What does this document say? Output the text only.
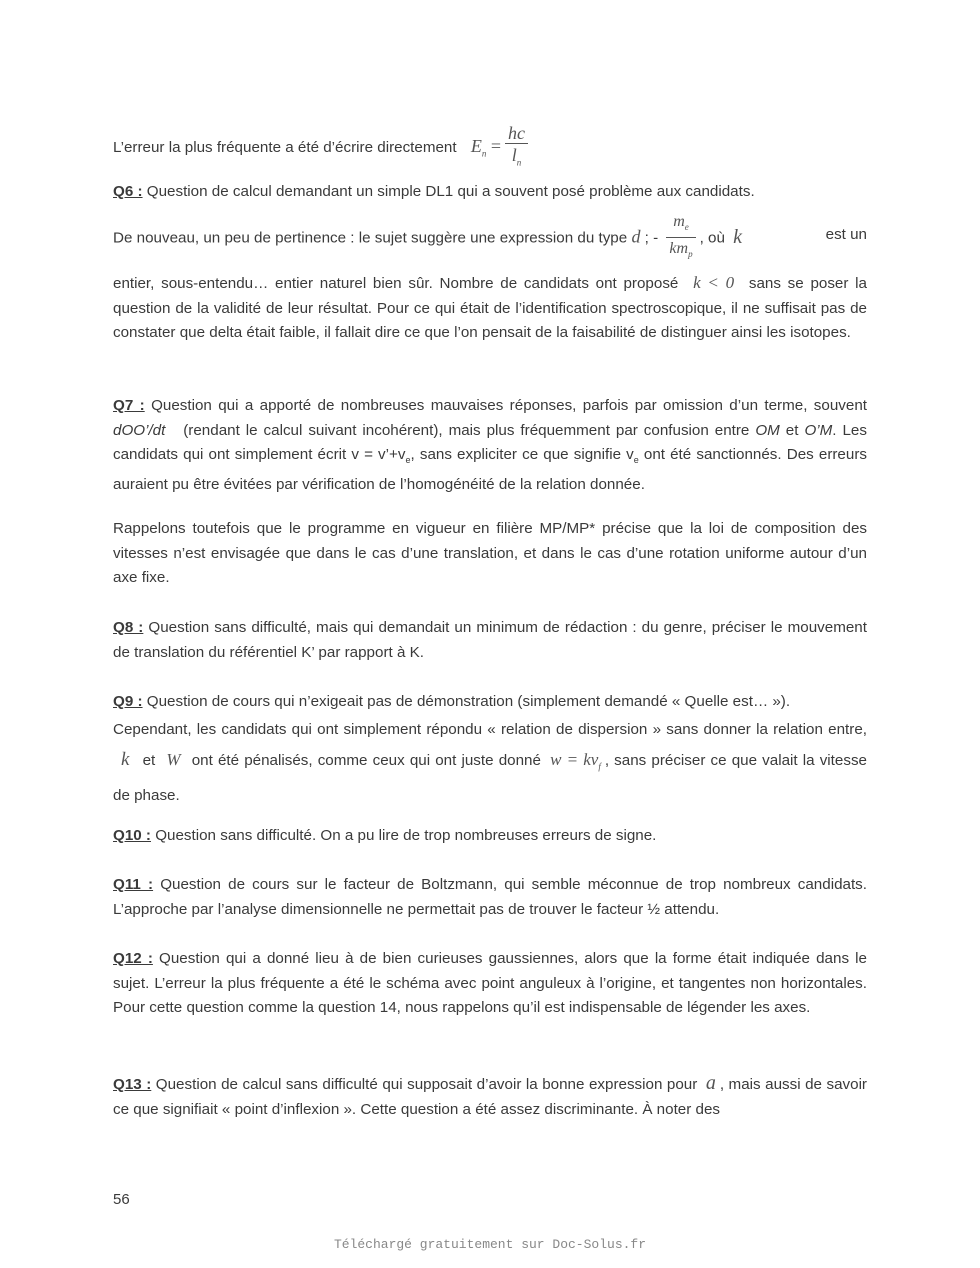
L’erreur la plus fréquente a été d’écrire directement $E_n = \frac{hc}{l_n}$

Q6 : Question de calcul demandant un simple DL1 qui a souvent posé problème aux candidats.

De nouveau, un peu de pertinence : le sujet suggère une expression du type d ; - $\frac{m_e}{km_p}$ , où k	est un

entier, sous-entendu… entier naturel bien sûr. Nombre de candidats ont proposé k < 0 sans se poser la question de la validité de leur résultat. Pour ce qui était de l’identification spectroscopique, il ne suffisait pas de constater que delta était faible, il fallait dire ce que l’on pensait de la faisabilité de distinguer ainsi les isotopes.

Q7 : Question qui a apporté de nombreuses mauvaises réponses, parfois par omission d’un terme, souvent dOO’/dt (rendant le calcul suivant incohérent), mais plus fréquemment par confusion entre OM et O’M. Les candidats qui ont simplement écrit $v = v’+v_e$, sans expliciter ce que signifie $v_e$ ont été sanctionnés. Des erreurs auraient pu être évitées par vérification de l’homogénéité de la relation donnée.

Rappelons toutefois que le programme en vigueur en filière MP/MP* précise que la loi de composition des vitesses n’est envisagée que dans le cas d’une translation, et dans le cas d’une rotation uniforme autour d’un axe fixe.

Q8 : Question sans difficulté, mais qui demandait un minimum de rédaction : du genre, préciser le mouvement de translation du référentiel K’ par rapport à K.

Q9 : Question de cours qui n’exigeait pas de démonstration (simplement demandé « Quelle est… »).

Cependant, les candidats qui ont simplement répondu « relation de dispersion » sans donner la relation entre, k et W ont été pénalisés, comme ceux qui ont juste donné $w = kv_f$ , sans préciser ce que valait la vitesse de phase.

Q10 : Question sans difficulté. On a pu lire de trop nombreuses erreurs de signe.

Q11 : Question de cours sur le facteur de Boltzmann, qui semble méconnue de trop nombreux candidats. L’approche par l’analyse dimensionnelle ne permettait pas de trouver le facteur ½ attendu.

Q12 : Question qui a donné lieu à de bien curieuses gaussiennes, alors que la forme était indiquée dans le sujet. L’erreur la plus fréquente a été le schéma avec point anguleux à l’origine, et tangentes non horizontales. Pour cette question comme la question 14, nous rappelons qu’il est indispensable de légender les axes.

Q13 : Question de calcul sans difficulté qui supposait d’avoir la bonne expression pour a , mais aussi de savoir ce que signifiait « point d’inflexion ». Cette question a été assez discriminante. À noter des

56
Téléchargé gratuitement sur Doc-Solus.fr
